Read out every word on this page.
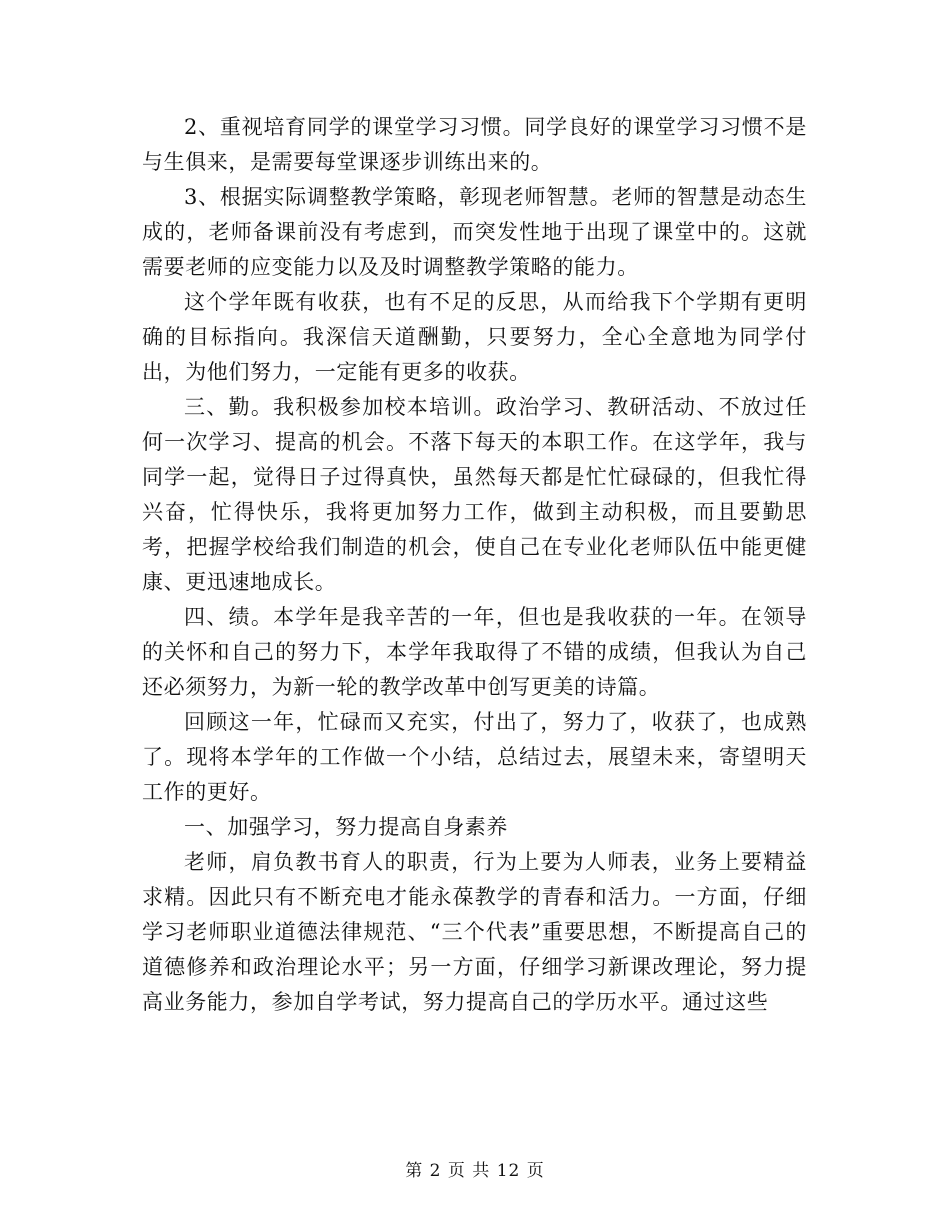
2、重视培育同学的课堂学习习惯。同学良好的课堂学习习惯不是与生俱来，是需要每堂课逐步训练出来的。

3、根据实际调整教学策略，彰现老师智慧。老师的智慧是动态生成的，老师备课前没有考虑到，而突发性地于出现了课堂中的。这就需要老师的应变能力以及及时调整教学策略的能力。

这个学年既有收获，也有不足的反思，从而给我下个学期有更明确的目标指向。我深信天道酬勤，只要努力，全心全意地为同学付出，为他们努力，一定能有更多的收获。

三、勤。我积极参加校本培训。政治学习、教研活动、不放过任何一次学习、提高的机会。不落下每天的本职工作。在这学年，我与同学一起，觉得日子过得真快，虽然每天都是忙忙碌碌的，但我忙得兴奋，忙得快乐，我将更加努力工作，做到主动积极，而且要勤思考，把握学校给我们制造的机会，使自己在专业化老师队伍中能更健康、更迅速地成长。

四、绩。本学年是我辛苦的一年，但也是我收获的一年。在领导的关怀和自己的努力下，本学年我取得了不错的成绩，但我认为自己还必须努力，为新一轮的教学改革中创写更美的诗篇。

回顾这一年，忙碌而又充实，付出了，努力了，收获了，也成熟了。现将本学年的工作做一个小结，总结过去，展望未来，寄望明天工作的更好。

一、加强学习，努力提高自身素养

老师，肩负教书育人的职责，行为上要为人师表，业务上要精益求精。因此只有不断充电才能永葆教学的青春和活力。一方面，仔细学习老师职业道德法律规范、“三个代表”重要思想，不断提高自己的道德修养和政治理论水平；另一方面，仔细学习新课改理论，努力提高业务能力，参加自学考试，努力提高自己的学历水平。通过这些

第 2 页 共 12 页
